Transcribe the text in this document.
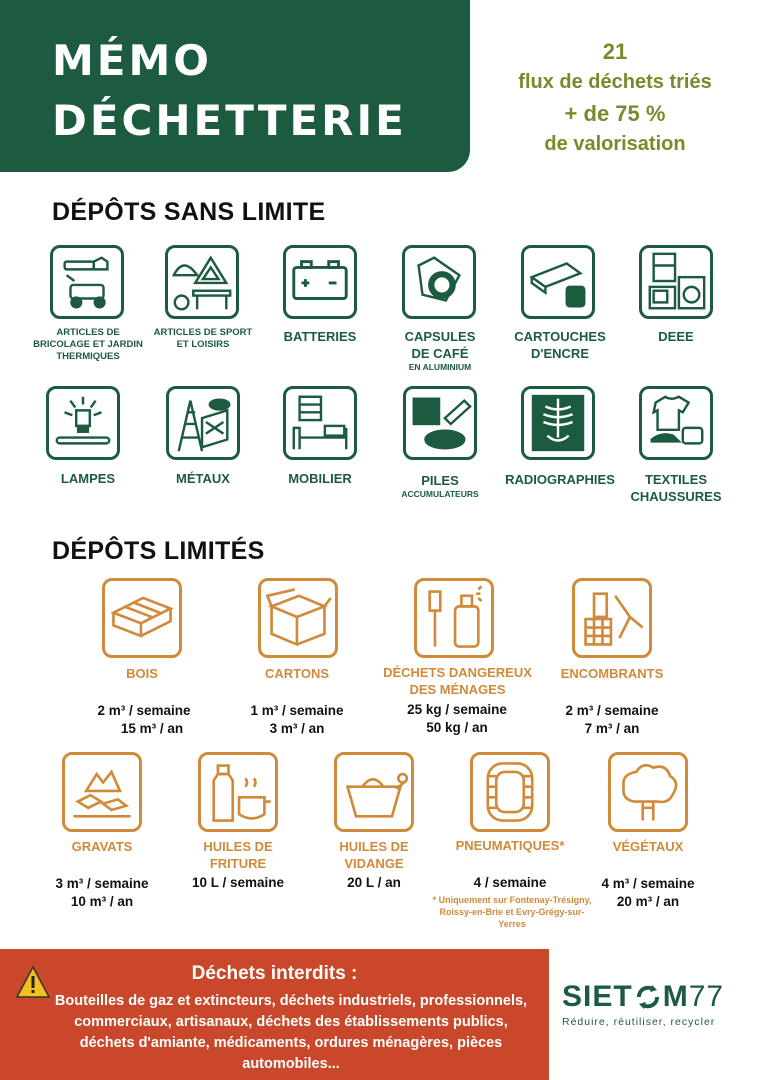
MÉMO
DÉCHETTERIE
21
flux de déchets triés
+ de 75 %
de valorisation
DÉPÔTS SANS LIMITE
ARTICLES DE BRICOLAGE ET JARDIN THERMIQUES
ARTICLES DE SPORT ET LOISIRS
BATTERIES	CAPSULES DE CAFÉ
EN ALUMINIUM
CARTOUCHES D'ENCRE
DEEE
LAMPES	MÉTAUX	MOBILIER	PILES
ACCUMULATEURS
RADIOGRAPHIES	TEXTILES CHAUSSURES
DÉPÔTS LIMITÉS
BOIS	CARTONS	DÉCHETS DANGEREUX DES MÉNAGES
ENCOMBRANTS
2 m³ / semaine
15 m³ / an
1 m³ / semaine
3 m³ / an
25 kg / semaine
50 kg / an
2 m³ / semaine
7 m³ / an
GRAVATS	HUILES DE FRITURE
HUILES DE VIDANGE
PNEUMATIQUES*	VÉGÉTAUX
3 m³ / semaine
10 m³ / an
10 L / semaine	20 L / an	4 / semaine	4 m³ / semaine
20 m³ / an
* Uniquement sur Fontenay-Trésigny, Roissy-en-Brie et Evry-Grégy-sur-Yerres
Déchets interdits :
Bouteilles de gaz et extincteurs, déchets industriels, professionnels, commerciaux, artisanaux, déchets des établissements publics, déchets d'amiante, médicaments, ordures ménagères, pièces automobiles...
SIET M 77
Réduire, réutiliser, recycler
